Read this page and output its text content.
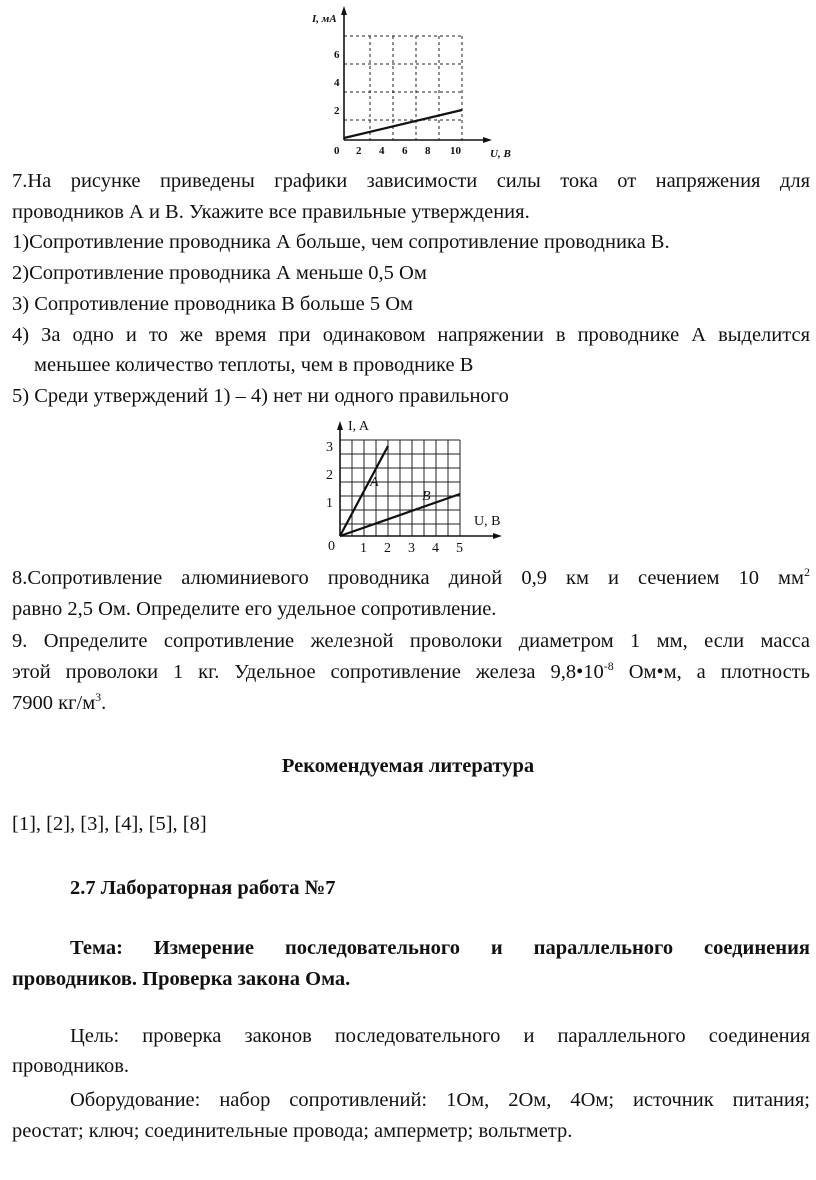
I, мА
6
4
2
0 2 4 6 8 10	U, B
7.На рисунке приведены графики зависимости силы тока от напряжения для
проводников А и В. Укажите все правильные утверждения.
1)Сопротивление проводника А больше, чем сопротивление проводника В.
2)Сопротивление проводника А меньше 0,5 Ом
3) Сопротивление проводника В больше 5 Ом
4) За одно и то же время при одинаковом напряжении в проводнике А выделится
меньшее количество теплоты, чем в проводнике В
5) Среди утверждений 1) – 4) нет ни одного правильного
A
B
I, A
3
2
1
U, B
0 1 2 3 4 5
8.Сопротивление алюминиевого проводника диной 0,9 км и сечением 10 $мм^2$
равно 2,5 Ом. Определите его удельное сопротивление.
9. Определите сопротивление железной проволоки диаметром 1 мм, если масса
этой проволоки 1 кг. Удельное сопротивление железа $9,8•10^{-8}$ Ом•м, а плотность
7900 $кг/м^3$.
Рекомендуемая литература
[1], [2], [3], [4], [5], [8]
2.7 Лабораторная работа №7
Тема: Измерение последовательного и параллельного соединения
проводников. Проверка закона Ома.
Цель: проверка законов последовательного и параллельного соединения
проводников.
Оборудование: набор сопротивлений: 1Ом, 2Ом, 4Ом; источник питания;
реостат; ключ; соединительные провода; амперметр; вольтметр.
